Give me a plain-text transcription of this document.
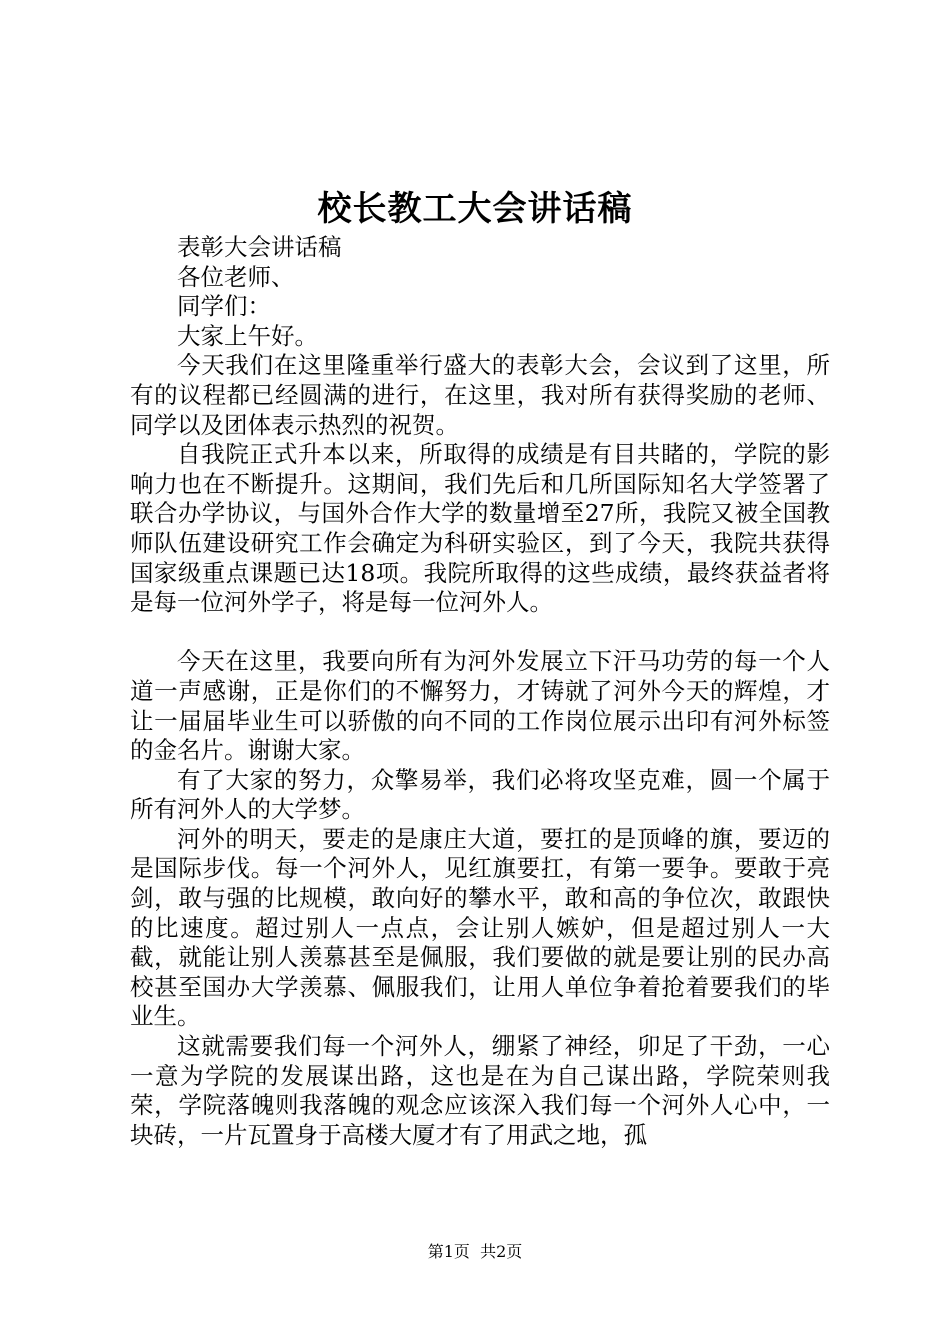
校长教工大会讲话稿

表彰大会讲话稿

各位老师、

同学们：

大家上午好。

今天我们在这里隆重举行盛大的表彰大会，会议到了这里，所有的议程都已经圆满的进行，在这里，我对所有获得奖励的老师、同学以及团体表示热烈的祝贺。

自我院正式升本以来，所取得的成绩是有目共睹的，学院的影响力也在不断提升。这期间，我们先后和几所国际知名大学签署了联合办学协议，与国外合作大学的数量增至27所，我院又被全国教师队伍建设研究工作会确定为科研实验区，到了今天，我院共获得国家级重点课题已达18项。我院所取得的这些成绩，最终获益者将是每一位河外学子，将是每一位河外人。

今天在这里，我要向所有为河外发展立下汗马功劳的每一个人道一声感谢，正是你们的不懈努力，才铸就了河外今天的辉煌，才让一届届毕业生可以骄傲的向不同的工作岗位展示出印有河外标签的金名片。谢谢大家。

有了大家的努力，众擎易举，我们必将攻坚克难，圆一个属于所有河外人的大学梦。

河外的明天，要走的是康庄大道，要扛的是顶峰的旗，要迈的是国际步伐。每一个河外人，见红旗要扛，有第一要争。要敢于亮剑，敢与强的比规模，敢向好的攀水平，敢和高的争位次，敢跟快的比速度。超过别人一点点，会让别人嫉妒，但是超过别人一大截，就能让别人羡慕甚至是佩服，我们要做的就是要让别的民办高校甚至国办大学羡慕、佩服我们，让用人单位争着抢着要我们的毕业生。

这就需要我们每一个河外人，绷紧了神经，卯足了干劲，一心一意为学院的发展谋出路，这也是在为自己谋出路，学院荣则我荣，学院落魄则我落魄的观念应该深入我们每一个河外人心中，一块砖，一片瓦置身于高楼大厦才有了用武之地，孤

第1页  共2页
